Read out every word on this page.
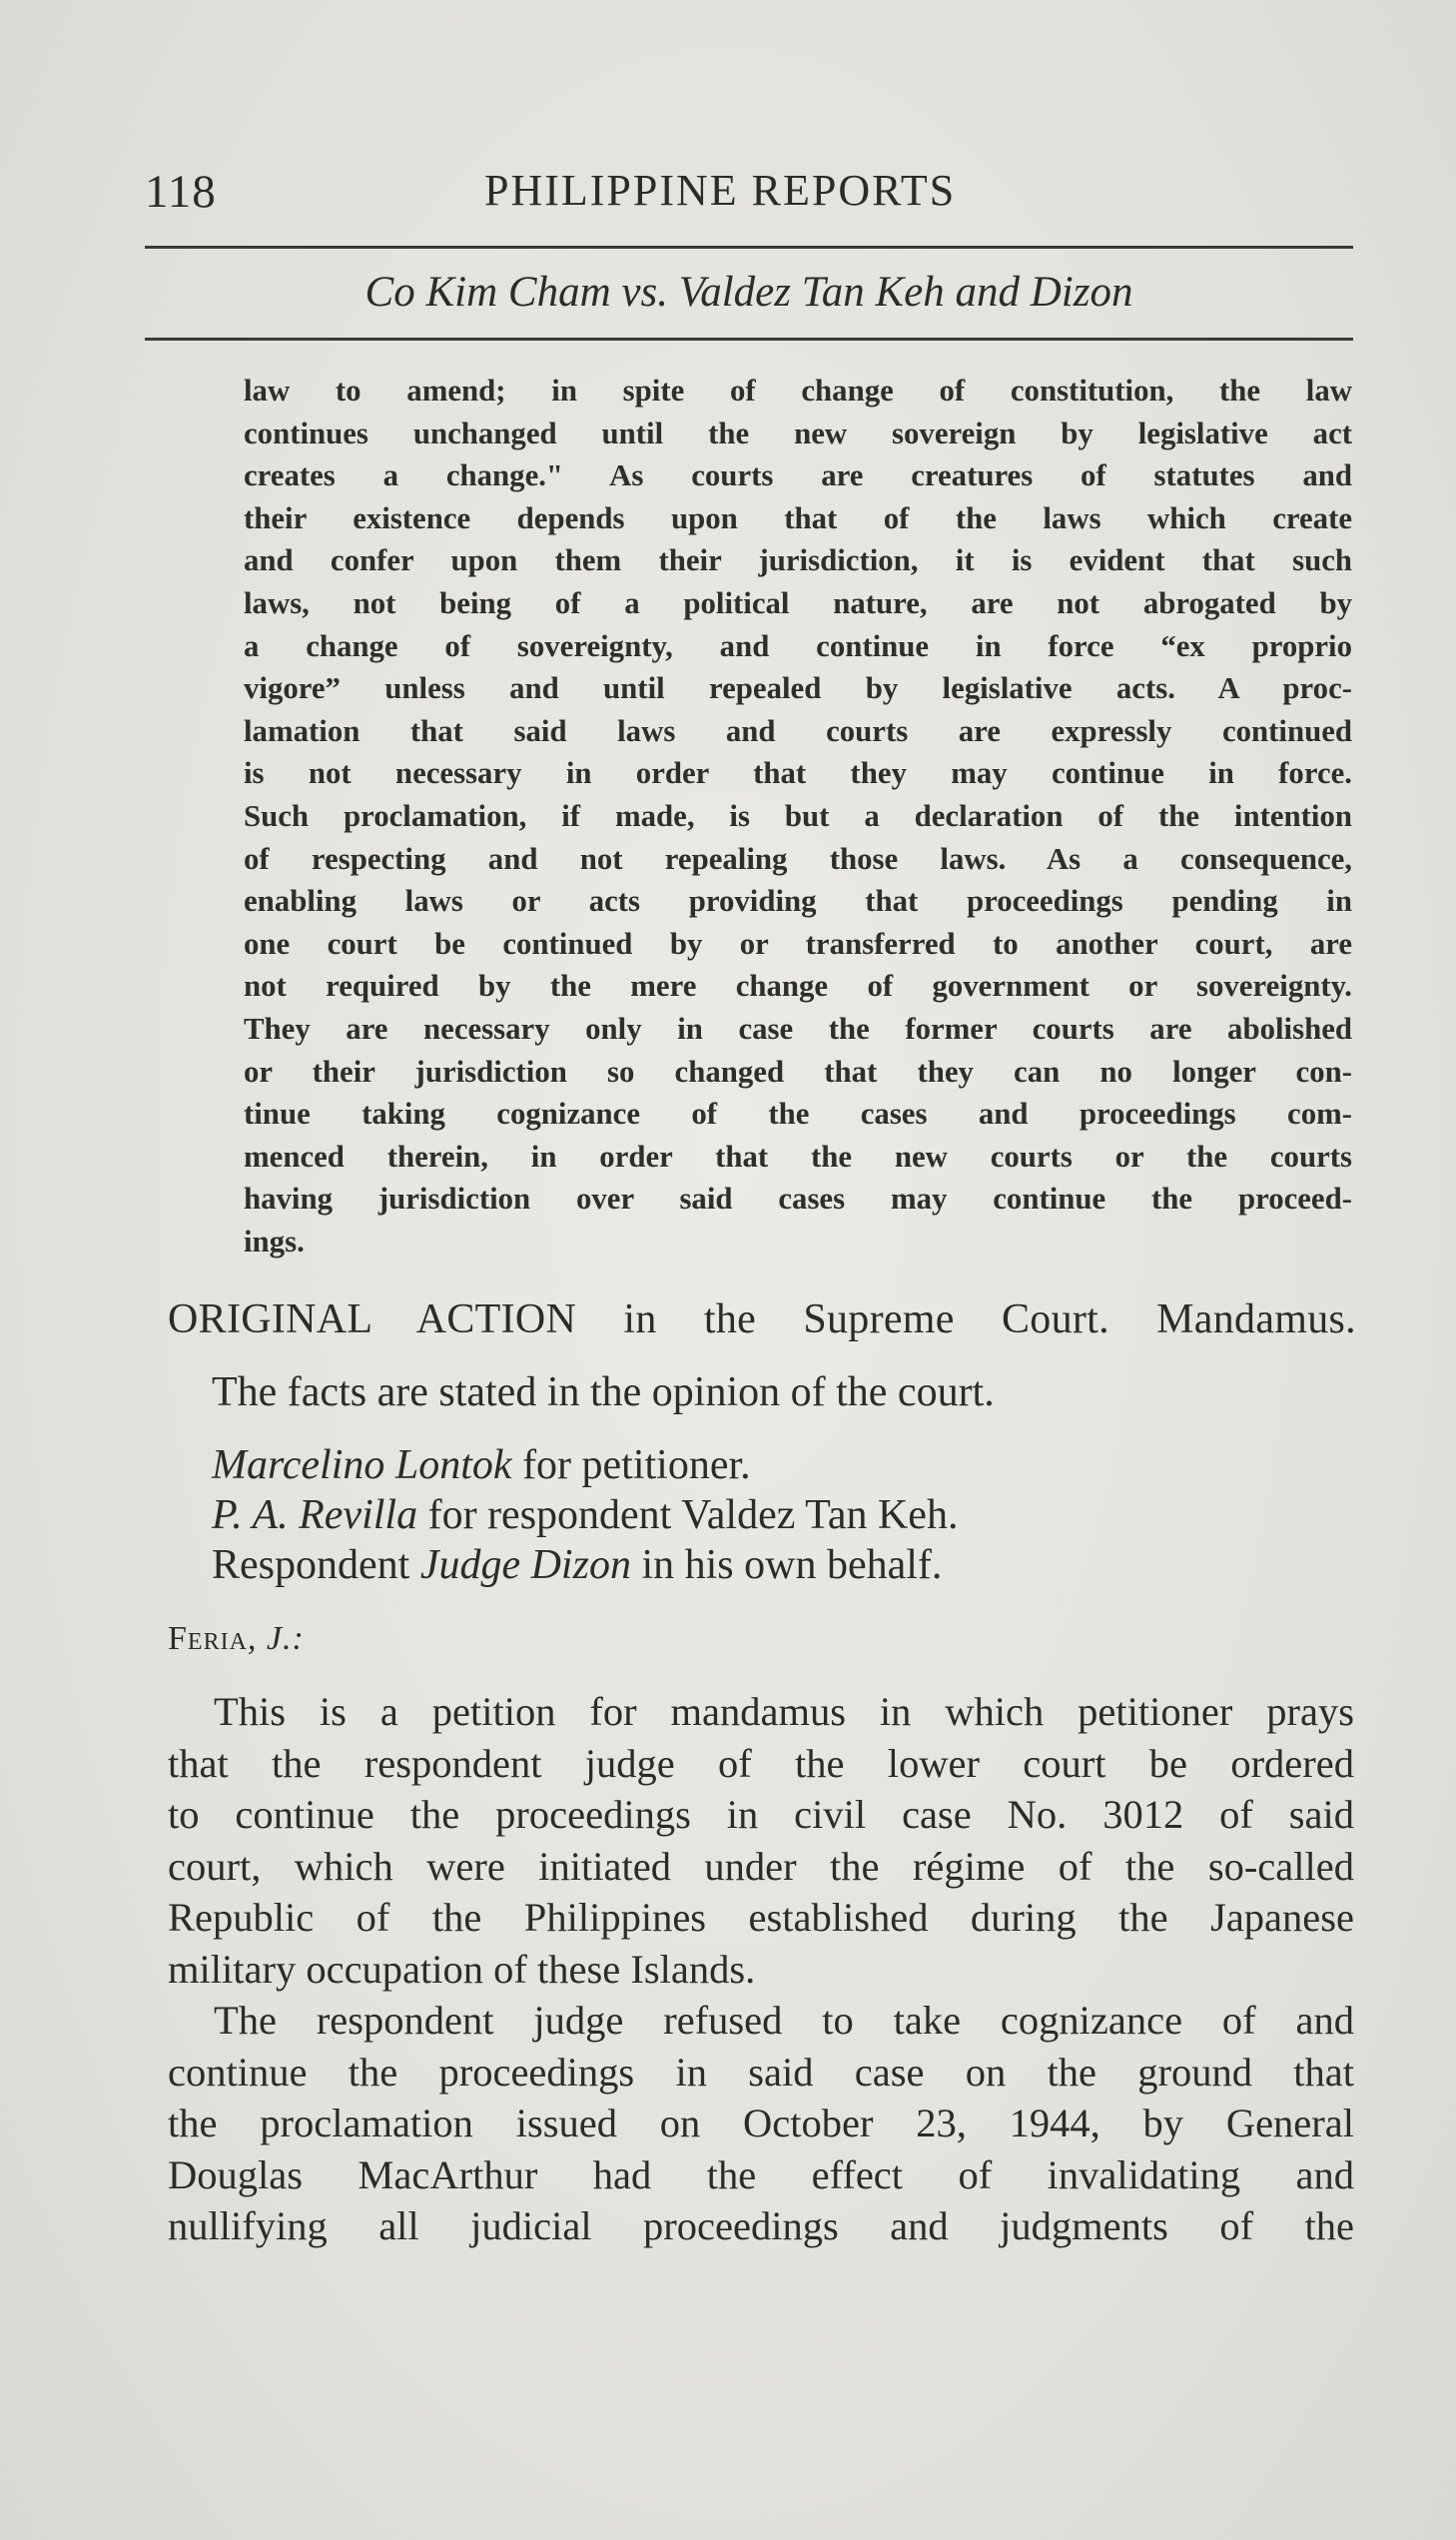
118	PHILIPPINE REPORTS
Co Kim Cham vs. Valdez Tan Keh and Dizon
law to amend; in spite of change of constitution, the law
continues unchanged until the new sovereign by legislative act
creates a change." As courts are creatures of statutes and
their existence depends upon that of the laws which create
and confer upon them their jurisdiction, it is evident that such
laws, not being of a political nature, are not abrogated by
a change of sovereignty, and continue in force “ex proprio
vigore” unless and until repealed by legislative acts. A proc-
lamation that said laws and courts are expressly continued
is not necessary in order that they may continue in force.
Such proclamation, if made, is but a declaration of the intention
of respecting and not repealing those laws. As a consequence,
enabling laws or acts providing that proceedings pending in
one court be continued by or transferred to another court, are
not required by the mere change of government or sovereignty.
They are necessary only in case the former courts are abolished
or their jurisdiction so changed that they can no longer con-
tinue taking cognizance of the cases and proceedings com-
menced therein, in order that the new courts or the courts
having jurisdiction over said cases may continue the proceed-
ings.
ORIGINAL ACTION in the Supreme Court. Mandamus.
The facts are stated in the opinion of the court.
Marcelino Lontok for petitioner.
P. A. Revilla for respondent Valdez Tan Keh.
Respondent Judge Dizon in his own behalf.
Feria, J.:
This is a petition for mandamus in which petitioner prays
that the respondent judge of the lower court be ordered
to continue the proceedings in civil case No. 3012 of said
court, which were initiated under the régime of the so-called
Republic of the Philippines established during the Japanese
military occupation of these Islands.
The respondent judge refused to take cognizance of and
continue the proceedings in said case on the ground that
the proclamation issued on October 23, 1944, by General
Douglas MacArthur had the effect of invalidating and
nullifying all judicial proceedings and judgments of the
